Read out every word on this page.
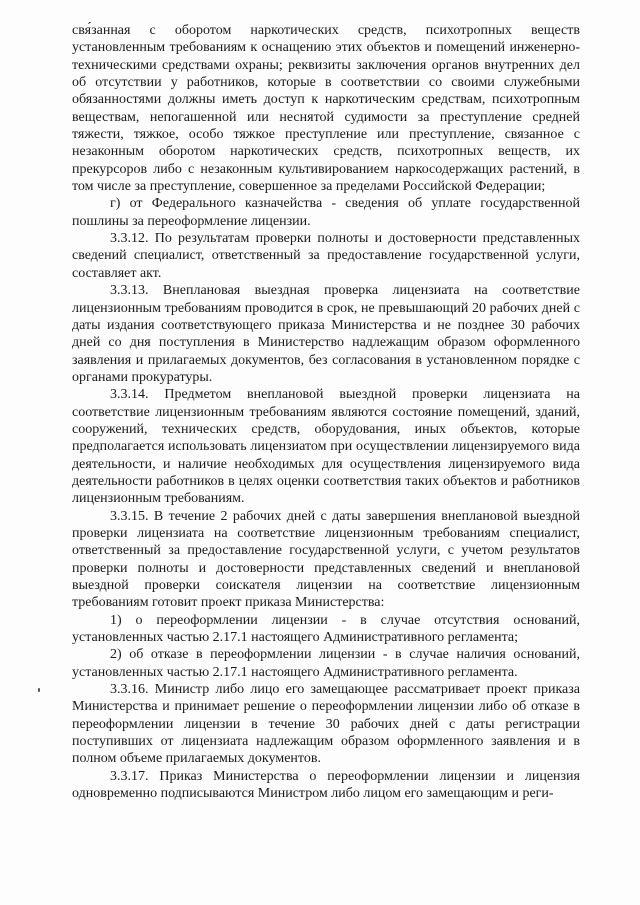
свя́занная с оборотом наркотических средств, психотропных веществ установленным требованиям к оснащению этих объектов и помещений инженерно-техническими средствами охраны; реквизиты заключения органов внутренних дел об отсутствии у работников, которые в соответствии со своими служебными обязанностями должны иметь доступ к наркотическим средствам, психотропным веществам, непогашенной или неснятой судимости за преступление средней тяжести, тяжкое, особо тяжкое преступление или преступление, связанное с незаконным оборотом наркотических средств, психотропных веществ, их прекурсоров либо с незаконным культивированием наркосодержащих растений, в том числе за преступление, совершенное за пределами Российской Федерации;

г) от Федерального казначейства - сведения об уплате государственной пошлины за переоформление лицензии.

3.3.12. По результатам проверки полноты и достоверности представленных сведений специалист, ответственный за предоставление государственной услуги, составляет акт.

3.3.13. Внеплановая выездная проверка лицензиата на соответствие лицензионным требованиям проводится в срок, не превышающий 20 рабочих дней с даты издания соответствующего приказа Министерства и не позднее 30 рабочих дней со дня поступления в Министерство надлежащим образом оформленного заявления и прилагаемых документов, без согласования в установленном порядке с органами прокуратуры.

3.3.14. Предметом внеплановой выездной проверки лицензиата на соответствие лицензионным требованиям являются состояние помещений, зданий, сооружений, технических средств, оборудования, иных объектов, которые предполагается использовать лицензиатом при осуществлении лицензируемого вида деятельности, и наличие необходимых для осуществления лицензируемого вида деятельности работников в целях оценки соответствия таких объектов и работников лицензионным требованиям.

3.3.15. В течение 2 рабочих дней с даты завершения внеплановой выездной проверки лицензиата на соответствие лицензионным требованиям специалист, ответственный за предоставление государственной услуги, с учетом результатов проверки полноты и достоверности представленных сведений и внеплановой выездной проверки соискателя лицензии на соответствие лицензионным требованиям готовит проект приказа Министерства:

1) о переоформлении лицензии - в случае отсутствия оснований, установленных частью 2.17.1 настоящего Административного регламента;

2) об отказе в переоформлении лицензии - в случае наличия оснований, установленных частью 2.17.1 настоящего Административного регламента.

3.3.16. Министр либо лицо его замещающее рассматривает проект приказа Министерства и принимает решение о переоформлении лицензии либо об отказе в переоформлении лицензии в течение 30 рабочих дней с даты регистрации поступивших от лицензиата надлежащим образом оформленного заявления и в полном объеме прилагаемых документов.

3.3.17. Приказ Министерства о переоформлении лицензии и лицензия одновременно подписываются Министром либо лицом его замещающим и реги-
